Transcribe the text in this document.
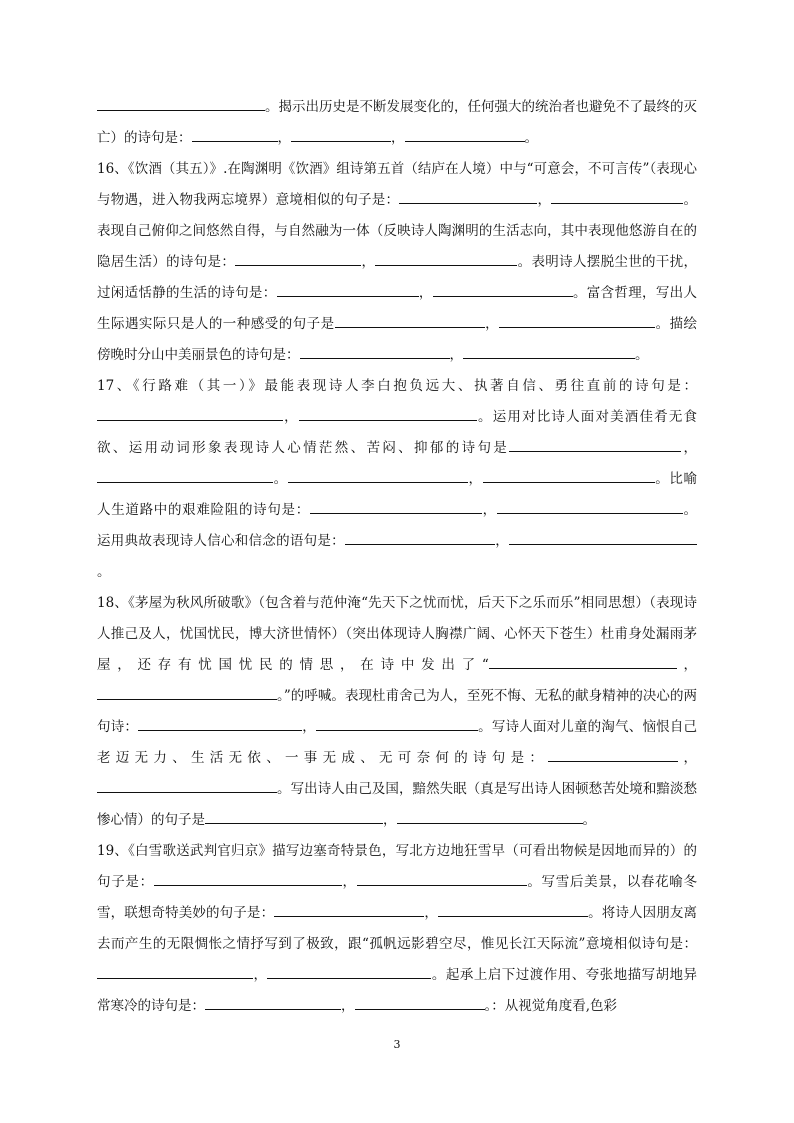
。揭示出历史是不断发展变化的，任何强大的统治者也避免不了最终的灭亡）的诗句是：	，	，	。

16、《饮酒（其五）》.在陶渊明《饮酒》组诗第五首（结庐在人境）中与“可意会，不可言传”（表现心与物遇，进入物我两忘境界）意境相似的句子是：	，	。表现自己俯仰之间悠然自得，与自然融为一体（反映诗人陶渊明的生活志向，其中表现他悠游自在的隐居生活）的诗句是：	，	。表明诗人摆脱尘世的干扰，过闲适恬静的生活的诗句是：	，	。富含哲理，写出人生际遇实际只是人的一种感受的句子是	，	。描绘傍晚时分山中美丽景色的诗句是：	，	。

17、《行路难（其一）》最能表现诗人李白抱负远大、执著自信、勇往直前的诗句是：，	。运用对比诗人面对美酒佳肴无食欲、运用动词形象表现诗人心情茫然、苦闷、抑郁的诗句是	，。	，	。比喻人生道路中的艰难险阻的诗句是：	，	。运用典故表现诗人信心和信念的语句是：	，。

18、《茅屋为秋风所破歌》（包含着与范仲淹“先天下之忧而忧，后天下之乐而乐”相同思想）（表现诗人推己及人，忧国忧民，博大济世情怀）（突出体现诗人胸襟广阔、心怀天下苍生）杜甫身处漏雨茅屋，还存有忧国忧民的情思，在诗中发出了“	，。”的呼喊。表现杜甫舍己为人，至死不悔、无私的献身精神的决心的两句诗：	，	。写诗人面对儿童的淘气、恼恨自己老迈无力、生活无依、一事无成、无可奈何的诗句是：	，。写出诗人由己及国，黯然失眠（真是写出诗人困顿愁苦处境和黯淡愁惨心情）的句子是	，	。

19、《白雪歌送武判官归京》描写边塞奇特景色，写北方边地狂雪早（可看出物候是因地而异的）的句子是：	，	。写雪后美景，以春花喻冬雪，联想奇特美妙的句子是：	，	。将诗人因朋友离去而产生的无限惆怅之情抒写到了极致，跟“孤帆远影碧空尽，惟见长江天际流”意境相似诗句是：，	。起承上启下过渡作用、夸张地描写胡地异常寒冷的诗句是：	，	。：从视觉角度看,色彩

3
